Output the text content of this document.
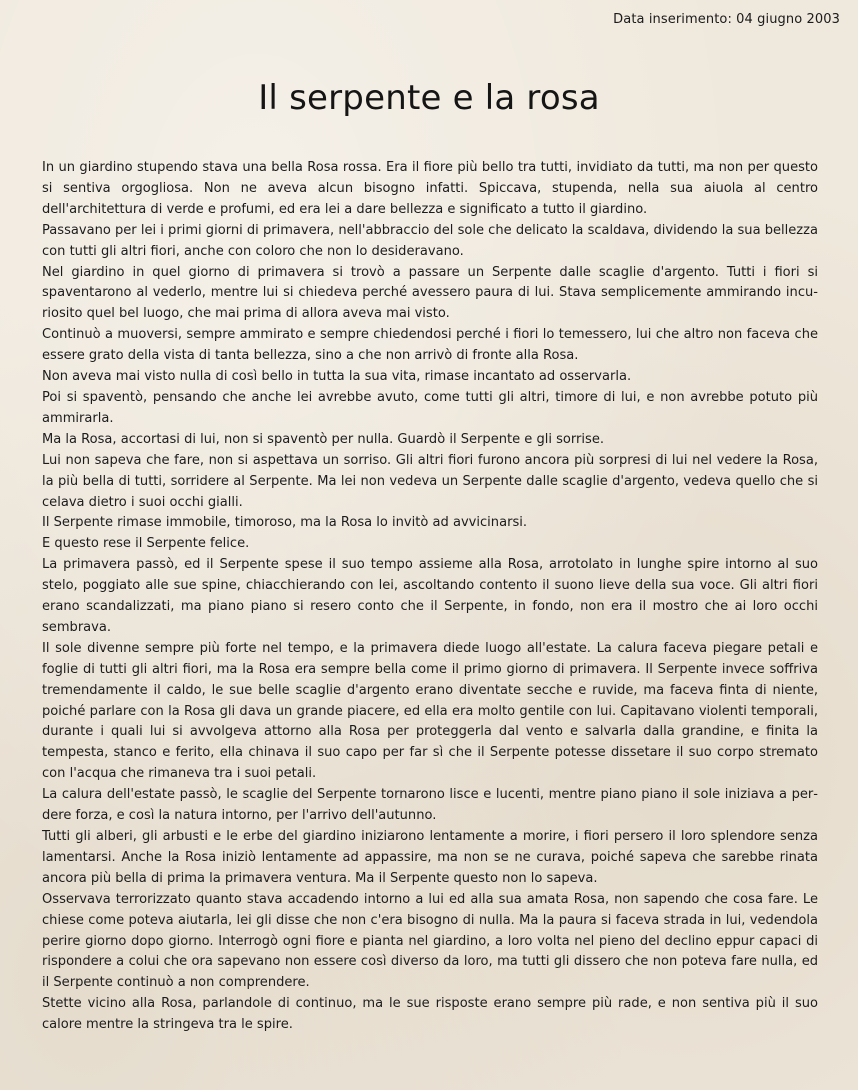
Data inserimento: 04 giugno 2003
Il serpente e la rosa

In un giardino stupendo stava una bella Rosa rossa. Era il fiore più bello tra tutti, invidiato da tutti, ma non per questo si sentiva orgogliosa. Non ne aveva alcun bisogno infatti. Spiccava, stupenda, nella sua aiuola al centro dell'architettura di verde e profumi, ed era lei a dare bellezza e significato a tutto il giardino.

Passavano per lei i primi giorni di primavera, nell'abbraccio del sole che delicato la scaldava, dividendo la sua bellezza con tutti gli altri fiori, anche con coloro che non lo desideravano.

Nel giardino in quel giorno di primavera si trovò a passare un Serpente dalle scaglie d'argento. Tutti i fiori si spaventarono al vederlo, mentre lui si chiedeva perché avessero paura di lui. Stava semplicemente ammirando incuriosito quel bel luogo, che mai prima di allora aveva mai visto.

Continuò a muoversi, sempre ammirato e sempre chiedendosi perché i fiori lo temessero, lui che altro non faceva che essere grato della vista di tanta bellezza, sino a che non arrivò di fronte alla Rosa.

Non aveva mai visto nulla di così bello in tutta la sua vita, rimase incantato ad osservarla.

Poi si spaventò, pensando che anche lei avrebbe avuto, come tutti gli altri, timore di lui, e non avrebbe potuto più ammirarla.

Ma la Rosa, accortasi di lui, non si spaventò per nulla. Guardò il Serpente e gli sorrise.

Lui non sapeva che fare, non si aspettava un sorriso. Gli altri fiori furono ancora più sorpresi di lui nel vedere la Rosa, la più bella di tutti, sorridere al Serpente. Ma lei non vedeva un Serpente dalle scaglie d'argento, vedeva quello che si celava dietro i suoi occhi gialli.

Il Serpente rimase immobile, timoroso, ma la Rosa lo invitò ad avvicinarsi.

E questo rese il Serpente felice.

La primavera passò, ed il Serpente spese il suo tempo assieme alla Rosa, arrotolato in lunghe spire intorno al suo stelo, poggiato alle sue spine, chiacchierando con lei, ascoltando contento il suono lieve della sua voce. Gli altri fiori erano scandalizzati, ma piano piano si resero conto che il Serpente, in fondo, non era il mostro che ai loro occhi sembrava.

Il sole divenne sempre più forte nel tempo, e la primavera diede luogo all'estate. La calura faceva piegare petali e foglie di tutti gli altri fiori, ma la Rosa era sempre bella come il primo giorno di primavera. Il Serpente invece soffriva tremendamente il caldo, le sue belle scaglie d'argento erano diventate secche e ruvide, ma faceva finta di niente, poiché parlare con la Rosa gli dava un grande piacere, ed ella era molto gentile con lui. Capitavano violenti temporali, durante i quali lui si avvolgeva attorno alla Rosa per proteggerla dal vento e salvarla dalla grandine, e finita la tempesta, stanco e ferito, ella chinava il suo capo per far sì che il Serpente potesse dissetare il suo corpo stremato con l'acqua che rimaneva tra i suoi petali.

La calura dell'estate passò, le scaglie del Serpente tornarono lisce e lucenti, mentre piano piano il sole iniziava a perdere forza, e così la natura intorno, per l'arrivo dell'autunno.

Tutti gli alberi, gli arbusti e le erbe del giardino iniziarono lentamente a morire, i fiori persero il loro splendore senza lamentarsi. Anche la Rosa iniziò lentamente ad appassire, ma non se ne curava, poiché sapeva che sarebbe rinata ancora più bella di prima la primavera ventura. Ma il Serpente questo non lo sapeva.

Osservava terrorizzato quanto stava accadendo intorno a lui ed alla sua amata Rosa, non sapendo che cosa fare. Le chiese come poteva aiutarla, lei gli disse che non c'era bisogno di nulla. Ma la paura si faceva strada in lui, vedendola perire giorno dopo giorno. Interrogò ogni fiore e pianta nel giardino, a loro volta nel pieno del declino eppur capaci di rispondere a colui che ora sapevano non essere così diverso da loro, ma tutti gli dissero che non poteva fare nulla, ed il Serpente continuò a non comprendere.

Stette vicino alla Rosa, parlandole di continuo, ma le sue risposte erano sempre più rade, e non sentiva più il suo calore mentre la stringeva tra le spire.
